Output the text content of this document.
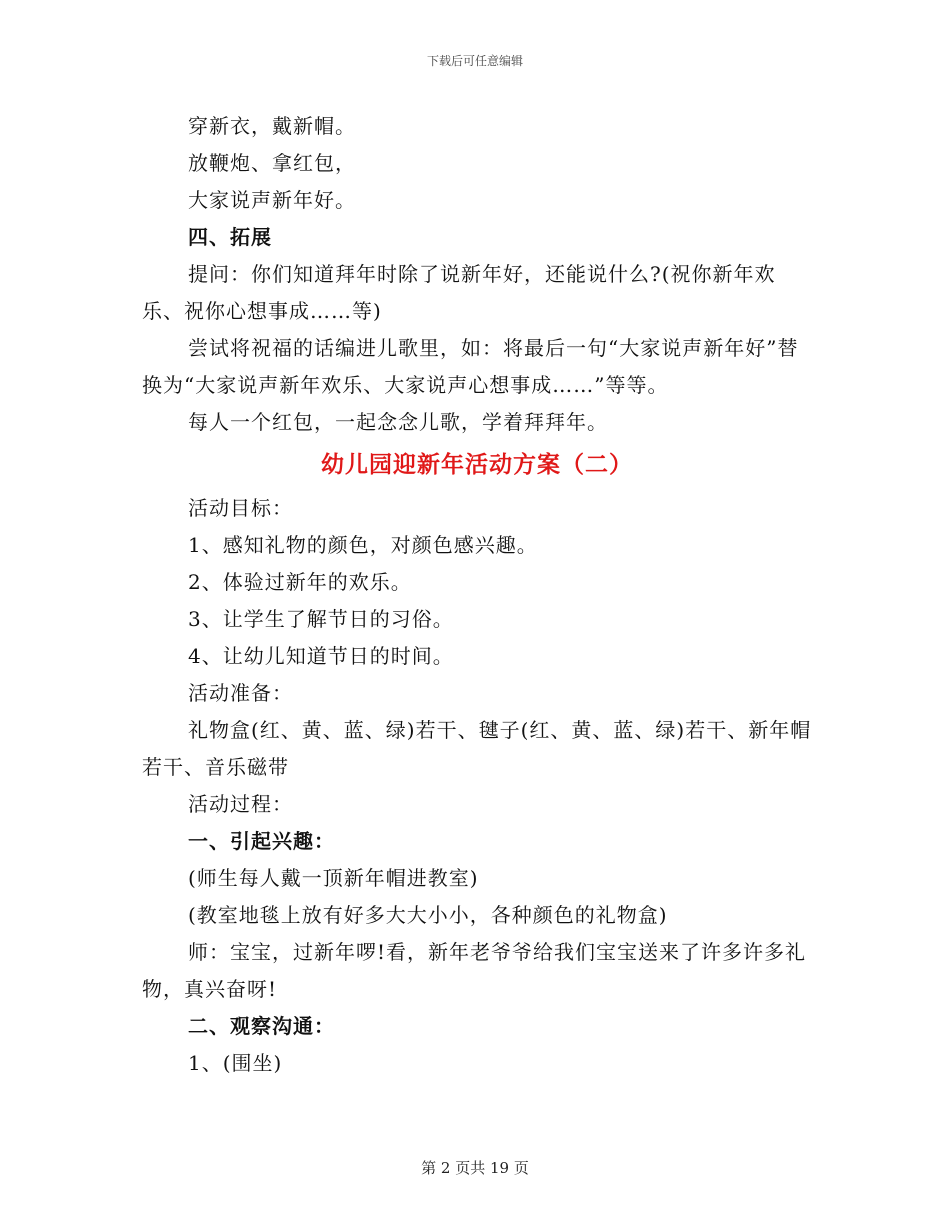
下载后可任意编辑

穿新衣，戴新帽。

放鞭炮、拿红包，

大家说声新年好。

四、拓展

提问：你们知道拜年时除了说新年好，还能说什么?(祝你新年欢乐、祝你心想事成……等)

尝试将祝福的话编进儿歌里，如：将最后一句“大家说声新年好”替换为“大家说声新年欢乐、大家说声心想事成……”等等。

每人一个红包，一起念念儿歌，学着拜拜年。

幼儿园迎新年活动方案（二）

活动目标：

1、感知礼物的颜色，对颜色感兴趣。

2、体验过新年的欢乐。

3、让学生了解节日的习俗。

4、让幼儿知道节日的时间。

活动准备：

礼物盒(红、黄、蓝、绿)若干、毽子(红、黄、蓝、绿)若干、新年帽若干、音乐磁带

活动过程：

一、引起兴趣：

(师生每人戴一顶新年帽进教室)

(教室地毯上放有好多大大小小，各种颜色的礼物盒)

师：宝宝，过新年啰!看，新年老爷爷给我们宝宝送来了许多许多礼物，真兴奋呀!

二、观察沟通：

1、(围坐)

第 2 页共 19 页
